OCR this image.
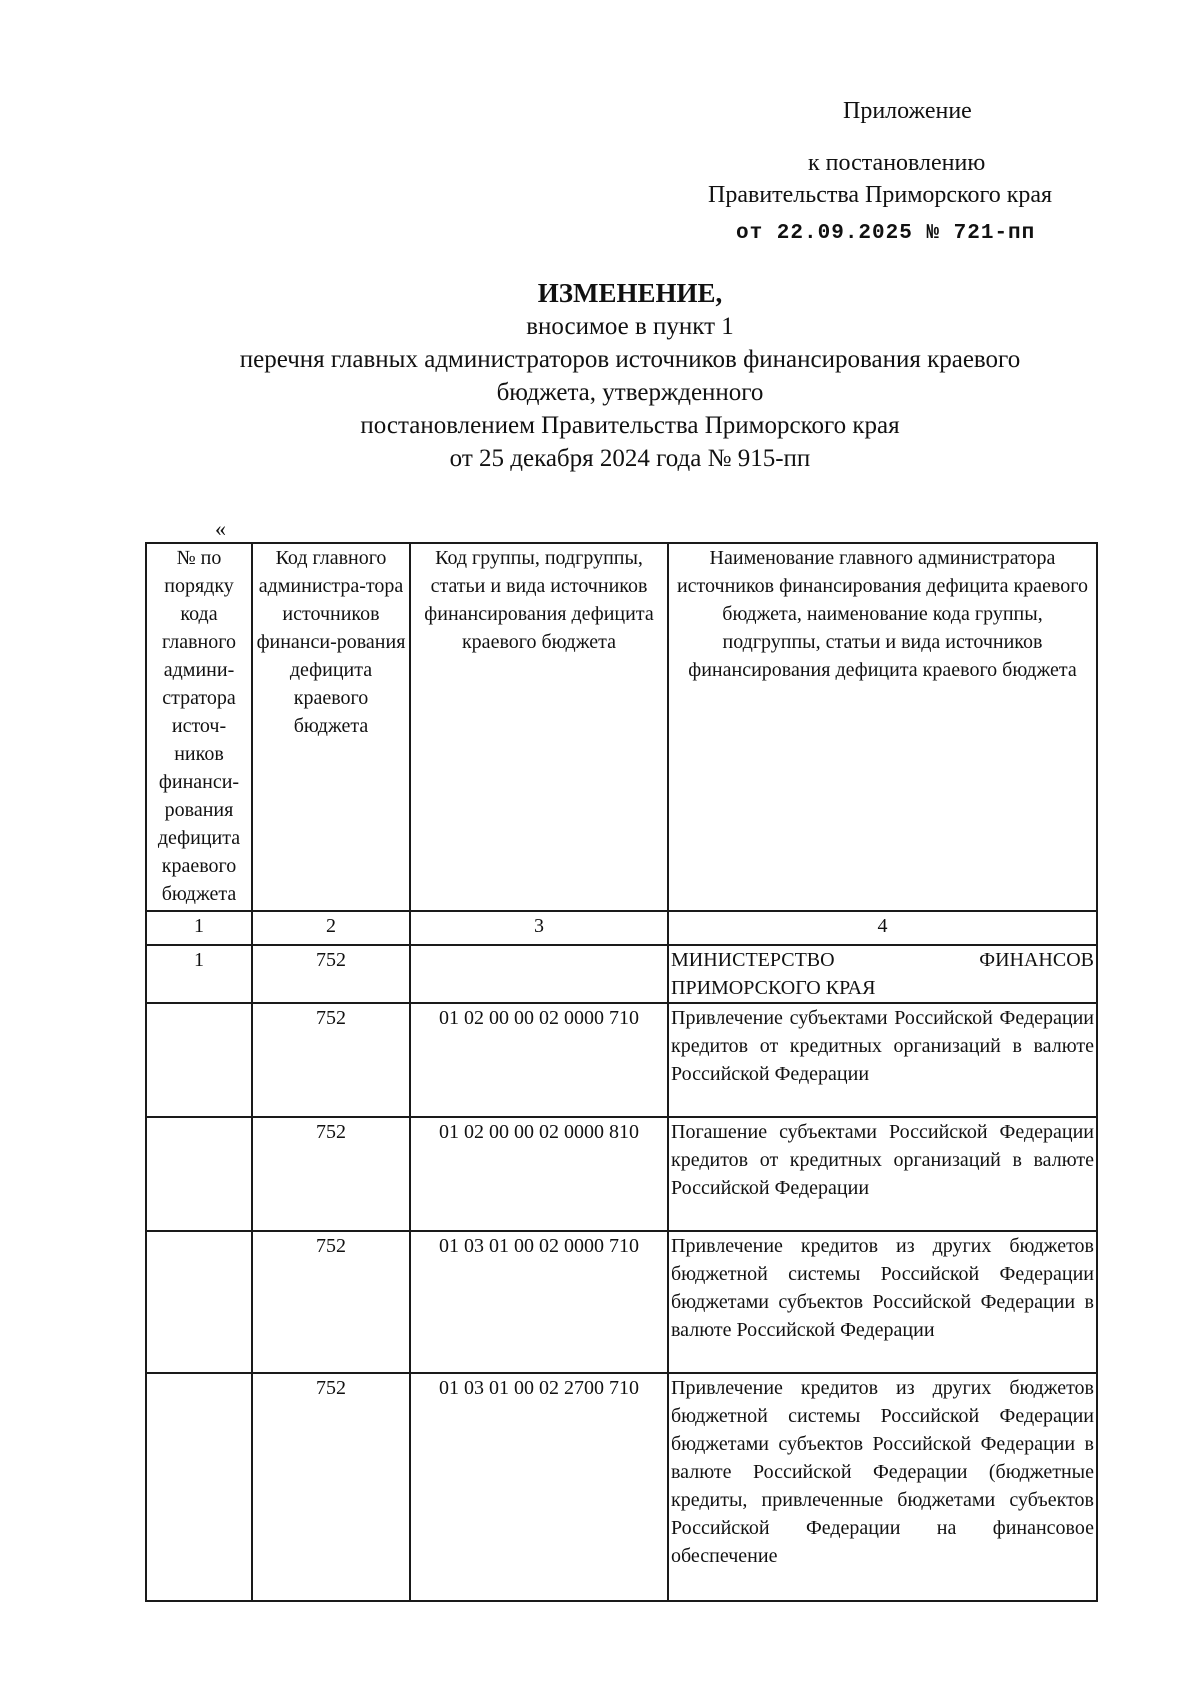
Приложение
к постановлению
Правительства Приморского края
от 22.09.2025 № 721-пп
ИЗМЕНЕНИЕ,
вносимое в пункт 1
перечня главных администраторов источников финансирования краевого
бюджета, утвержденного
постановлением Правительства Приморского края
от 25 декабря 2024 года № 915-пп
«
№ по порядку кода главного админи-стратора источ-ников финанси-рования дефицита краевого бюджета	Код главного администра-тора источников финанси-рования дефицита краевого бюджета	Код группы, подгруппы, статьи и вида источников финансирования дефицита краевого бюджета	Наименование главного администратора источников финансирования дефицита краевого бюджета, наименование кода группы, подгруппы, статьи и вида источников финансирования дефицита краевого бюджета
1	2	3	4
1	752		МИНИСТЕРСТВО ФИНАНСОВ ПРИМОРСКОГО КРАЯ
	752	01 02 00 00 02 0000 710	Привлечение субъектами Российской Федерации кредитов от кредитных организаций в валюте Российской Федерации
	752	01 02 00 00 02 0000 810	Погашение субъектами Российской Федерации кредитов от кредитных организаций в валюте Российской Федерации
	752	01 03 01 00 02 0000 710	Привлечение кредитов из других бюджетов бюджетной системы Российской Федерации бюджетами субъектов Российской Федерации в валюте Российской Федерации
	752	01 03 01 00 02 2700 710	Привлечение кредитов из других бюджетов бюджетной системы Российской Федерации бюджетами субъектов Российской Федерации в валюте Российской Федерации (бюджетные кредиты, привлеченные бюджетами субъектов Российской Федерации на финансовое обеспечение
